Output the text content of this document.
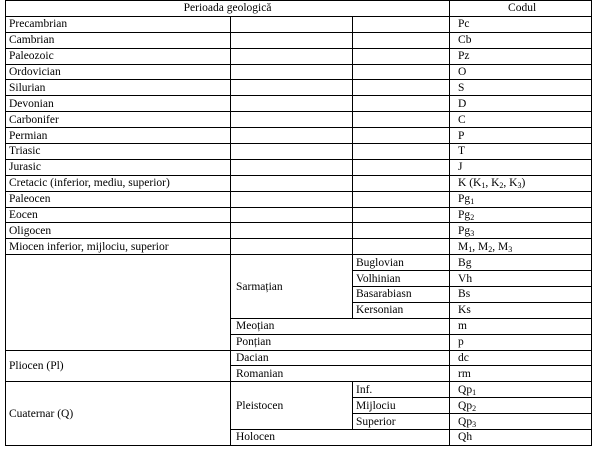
Perioada geologică			Codul
Precambrian			Pc
Cambrian			Cb
Paleozoic			Pz
Ordovician			O
Silurian			S
Devonian			D
Carbonifer			C
Permian			P
Triasic			T
Jurasic			J
Cretacic (inferior, mediu, superior)			K ($K_1$, $K_2$, $K_3$)
Paleocen			$Pg_1$
Eocen			$Pg_2$
Oligocen			$Pg_3$
Miocen inferior, mijlociu, superior			$M_1$, $M_2$, $M_3$
	Sarmațian	Buglovian	Bg
		Volhinian	Vh
		Basarabiasn	Bs
		Kersonian	Ks
	Meoțian		m
	Ponțian		p
Pliocen (Pl)	Dacian		dc
	Romanian		rm
Cuaternar (Q)	Pleistocen	Inf.	$Qp_1$
		Mijlociu	$Qp_2$
		Superior	$Qp_3$
	Holocen		Qh
